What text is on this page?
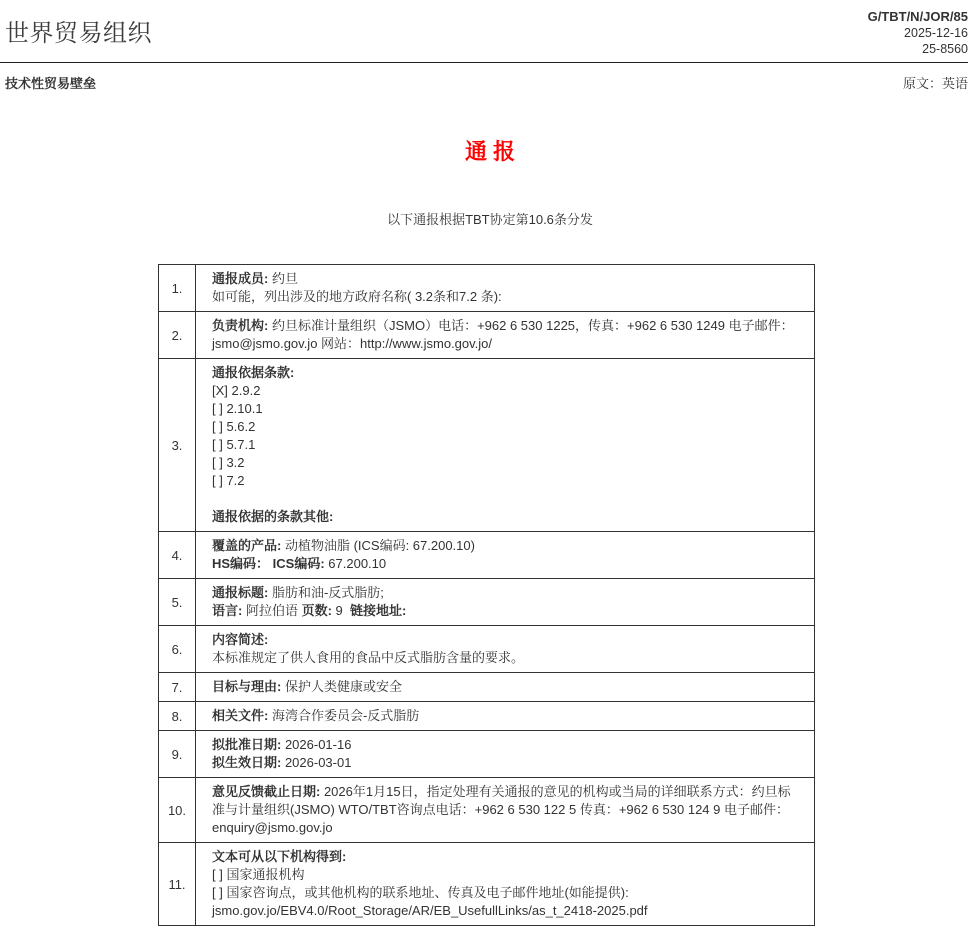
世界贸易组织
G/TBT/N/JOR/85
2025-12-16
25-8560
技术性贸易壁垒	原文：英语
通 报
以下通报根据TBT协定第10.6条分发
1.	通报成员: 约旦
如可能，列出涉及的地方政府名称( 3.2条和7.2 条):

2.	负责机构: 约旦标准计量组织（JSMO）电话：+962 6 530 1225，传真：+962 6 530 1249 电子邮件：jsmo@jsmo.gov.jo 网站：http://www.jsmo.gov.jo/

3.	
通报依据条款:
[X] 2.9.2
[ ] 2.10.1
[ ] 5.6.2
[ ] 5.7.1
[ ] 3.2
[ ] 7.2
通报依据的条款其他:

4.	覆盖的产品: 动植物油脂 (ICS编码: 67.200.10)
HS编码： ICS编码: 67.200.10

5.	通报标题: 脂肪和油-反式脂肪;
语言: 阿拉伯语 页数: 9  链接地址:

6.	内容简述:
本标准规定了供人食用的食品中反式脂肪含量的要求。

7.	目标与理由: 保护人类健康或安全

8.	相关文件: 海湾合作委员会-反式脂肪

9.	拟批准日期: 2026-01-16
拟生效日期: 2026-03-01

10.	意见反馈截止日期: 2026年1月15日，指定处理有关通报的意见的机构或当局的详细联系方式：约旦标准与计量组织(JSMO) WTO/TBT咨询点电话：+962 6 530 122 5 传真：+962 6 530 124 9 电子邮件：enquiry@jsmo.gov.jo

11.	文本可从以下机构得到:
[ ] 国家通报机构
[ ] 国家咨询点，或其他机构的联系地址、传真及电子邮件地址(如能提供):
jsmo.gov.jo/EBV4.0/Root_Storage/AR/EB_UsefullLinks/as_t_2418-2025.pdf
